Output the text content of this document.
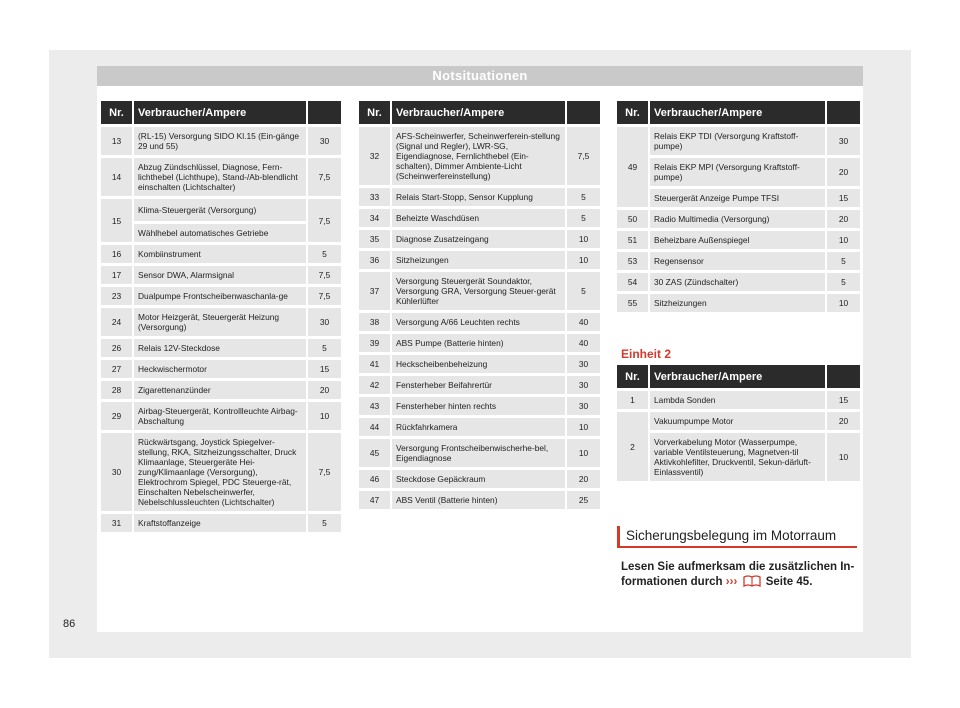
Notsituationen
Nr.	Verbraucher/Ampere	
13	(RL-15) Versorgung SIDO Kl.15 (Ein-gänge 29 und 55)	30
14	Abzug Zündschlüssel, Diagnose, Fern-lichthebel (Lichthupe), Stand-/Ab-blendlicht einschalten (Lichtschalter)	7,5
15	Klima-Steuergerät (Versorgung)	7,5
	Wählhebel automatisches Getriebe	
16	Kombiinstrument	5
17	Sensor DWA, Alarmsignal	7,5
23	Dualpumpe Frontscheibenwaschanla-ge	7,5
24	Motor Heizgerät, Steuergerät Heizung (Versorgung)	30
26	Relais 12V-Steckdose	5
27	Heckwischermotor	15
28	Zigarettenanzünder	20
29	Airbag-Steuergerät, Kontrollleuchte Airbag-Abschaltung	10
30	Rückwärtsgang, Joystick Spiegelver-stellung, RKA, Sitzheizungsschalter, Druck Klimaanlage, Steuergeräte Hei-zung/Klimaanlage (Versorgung), Elektrochrom Spiegel, PDC Steuerge-rät, Einschalten Nebelscheinwerfer, Nebelschlussleuchten (Lichtschalter)	7,5
31	Kraftstoffanzeige	5
Nr.	Verbraucher/Ampere	
32	AFS-Scheinwerfer, Scheinwerferein-stellung (Signal und Regler), LWR-SG, Eigendiagnose, Fernlichthebel (Ein-schalten), Dimmer Ambiente-Licht (Scheinwerfereinstellung)	7,5
33	Relais Start-Stopp, Sensor Kupplung	5
34	Beheizte Waschdüsen	5
35	Diagnose Zusatzeingang	10
36	Sitzheizungen	10
37	Versorgung Steuergerät Soundaktor, Versorgung GRA, Versorgung Steuer-gerät Kühlerlüfter	5
38	Versorgung A/66 Leuchten rechts	40
39	ABS Pumpe (Batterie hinten)	40
41	Heckscheibenbeheizung	30
42	Fensterheber Beifahrertür	30
43	Fensterheber hinten rechts	30
44	Rückfahrkamera	10
45	Versorgung Frontscheibenwischerhe-bel, Eigendiagnose	10
46	Steckdose Gepäckraum	20
47	ABS Ventil (Batterie hinten)	25
Nr.	Verbraucher/Ampere	
49	Relais EKP TDI (Versorgung Kraftstoff-pumpe)	30
	Relais EKP MPI (Versorgung Kraftstoff-pumpe)	20
	Steuergerät Anzeige Pumpe TFSI	15
50	Radio Multimedia (Versorgung)	20
51	Beheizbare Außenspiegel	10
53	Regensensor	5
54	30 ZAS (Zündschalter)	5
55	Sitzheizungen	10
Einheit 2
Nr.	Verbraucher/Ampere	
1	Lambda Sonden	15
2	Vakuumpumpe Motor	20
	Vorverkabelung Motor (Wasserpumpe, variable Ventilsteuerung, Magnetven-til Aktivkohlefilter, Druckventil, Sekun-därluft-Einlassventil)	10
Sicherungsbelegung im Motorraum
Lesen Sie aufmerksam die zusätzlichen In-
formationen durch ››› Seite 45.
86
